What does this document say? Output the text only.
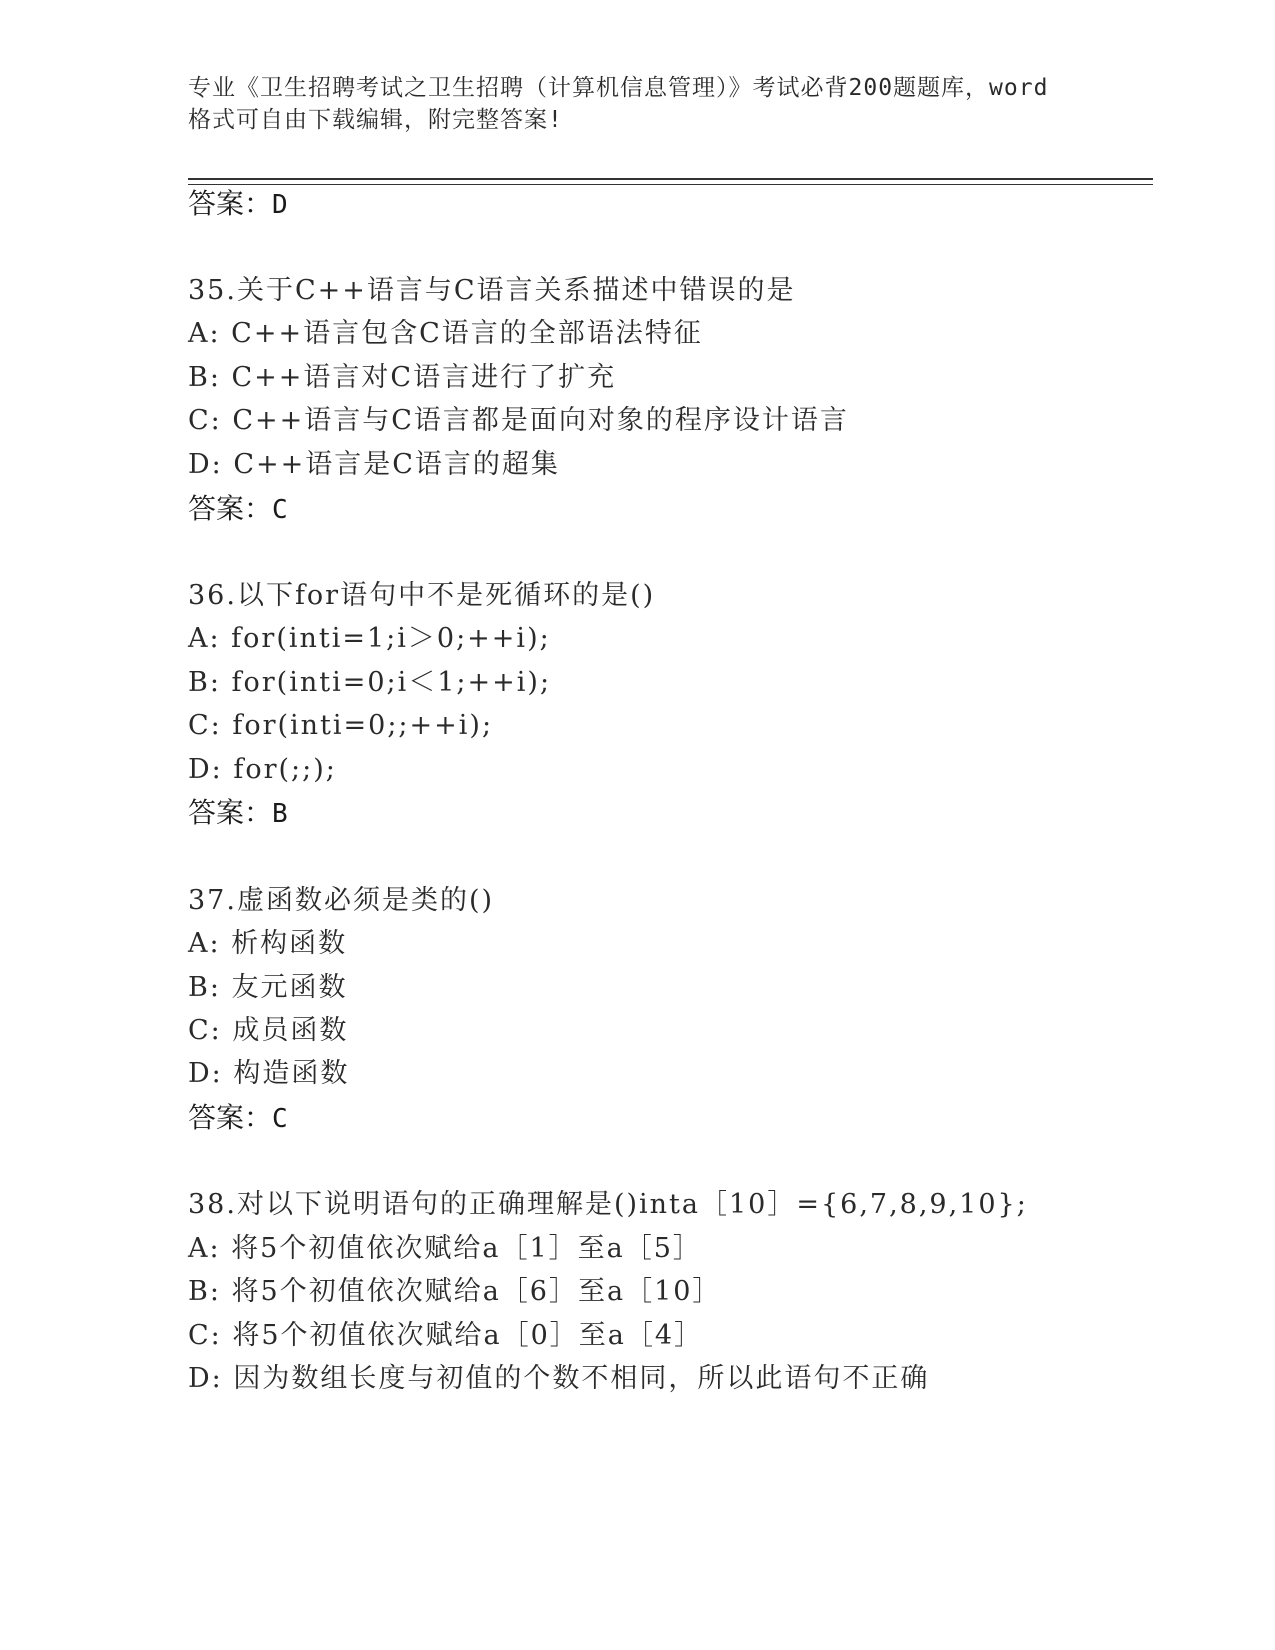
专业《卫生招聘考试之卫生招聘（计算机信息管理）》考试必背200题题库，word
格式可自由下载编辑，附完整答案!
答案：D
35.关于C++语言与C语言关系描述中错误的是
A: C++语言包含C语言的全部语法特征
B: C++语言对C语言进行了扩充
C: C++语言与C语言都是面向对象的程序设计语言
D: C++语言是C语言的超集
答案：C
36.以下for语句中不是死循环的是()
A: for(inti=1;i＞0;++i);
B: for(inti=0;i＜1;++i);
C: for(inti=0;;++i);
D: for(;;);
答案：B
37.虚函数必须是类的()
A: 析构函数
B: 友元函数
C: 成员函数
D: 构造函数
答案：C
38.对以下说明语句的正确理解是()inta［10］={6,7,8,9,10};
A: 将5个初值依次赋给a［1］至a［5］
B: 将5个初值依次赋给a［6］至a［10］
C: 将5个初值依次赋给a［0］至a［4］
D: 因为数组长度与初值的个数不相同，所以此语句不正确
